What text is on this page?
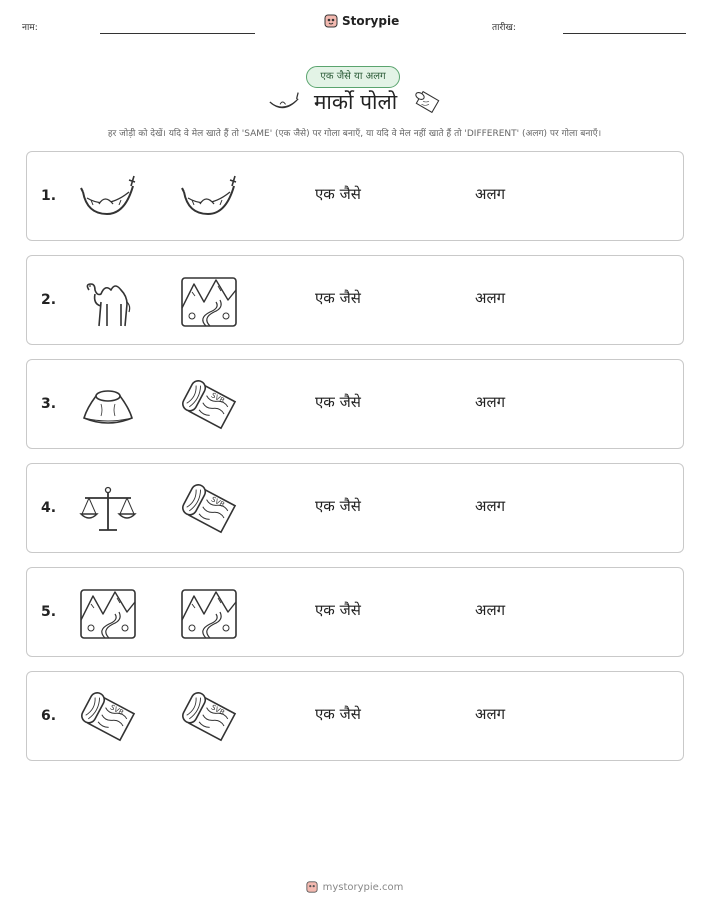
नाम:	Storypie	तारीख:
एक जैसे या अलग
मार्को पोलो
हर जोड़ी को देखें। यदि वे मेल खाते हैं तो 'SAME' (एक जैसे) पर गोला बनाएँ, या यदि वे मेल नहीं खाते हैं तो 'DIFFERENT' (अलग) पर गोला बनाएँ।
1.	एक जैसे	अलग
2.	एक जैसे	अलग
3.	SVB	एक जैसे	अलग
4.	SVB	एक जैसे	अलग
5.	एक जैसे	अलग
6.	SVB	SVB	एक जैसे	अलग
mystorypie.com
